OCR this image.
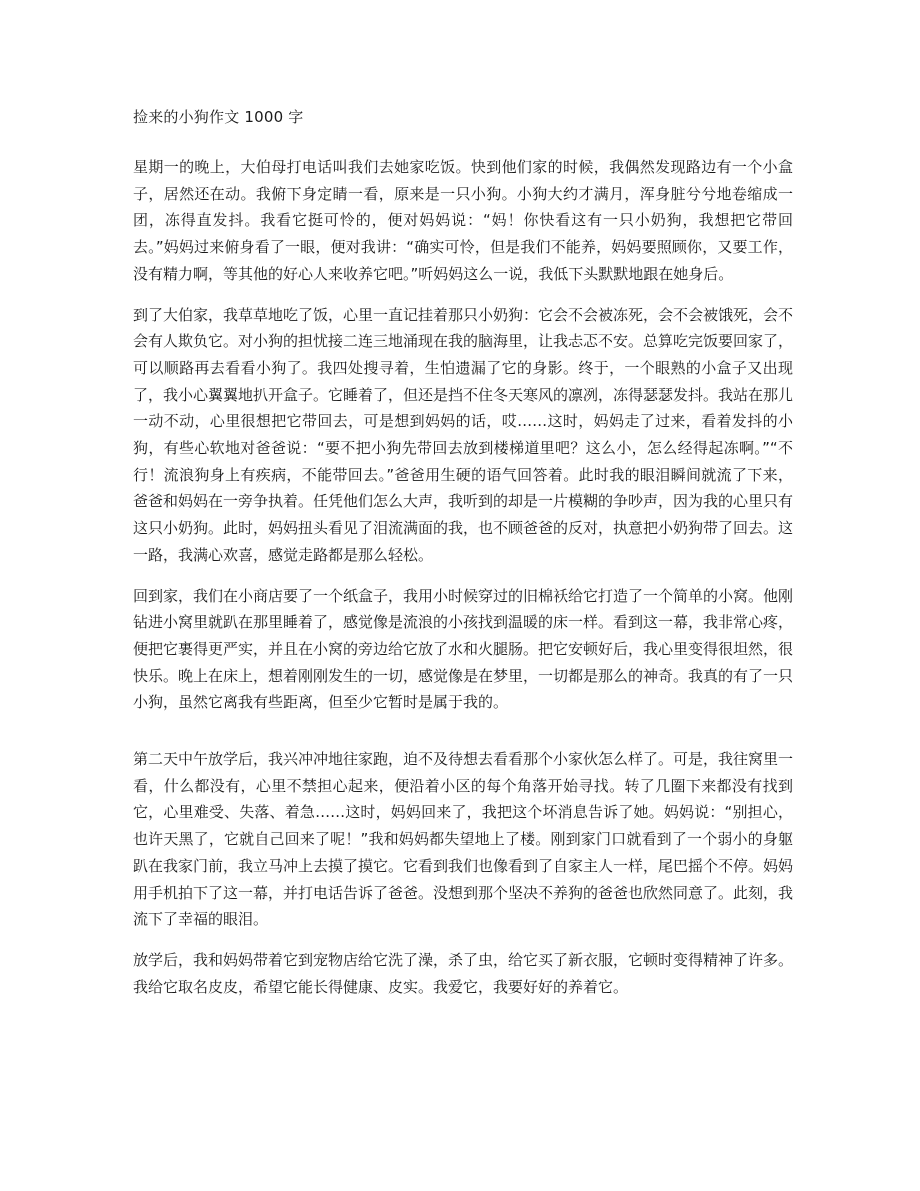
捡来的小狗作文 1000 字

星期一的晚上，大伯母打电话叫我们去她家吃饭。快到他们家的时候，我偶然发现路边有一个小盒子，居然还在动。我俯下身定睛一看，原来是一只小狗。小狗大约才满月，浑身脏兮兮地卷缩成一团，冻得直发抖。我看它挺可怜的，便对妈妈说：“妈！你快看这有一只小奶狗，我想把它带回去。”妈妈过来俯身看了一眼，便对我讲：“确实可怜，但是我们不能养，妈妈要照顾你，又要工作，没有精力啊，等其他的好心人来收养它吧。”听妈妈这么一说，我低下头默默地跟在她身后。

到了大伯家，我草草地吃了饭，心里一直记挂着那只小奶狗：它会不会被冻死，会不会被饿死，会不会有人欺负它。对小狗的担忧接二连三地涌现在我的脑海里，让我忐忑不安。总算吃完饭要回家了，可以顺路再去看看小狗了。我四处搜寻着，生怕遗漏了它的身影。终于，一个眼熟的小盒子又出现了，我小心翼翼地扒开盒子。它睡着了，但还是挡不住冬天寒风的凛冽，冻得瑟瑟发抖。我站在那儿一动不动，心里很想把它带回去，可是想到妈妈的话，哎……这时，妈妈走了过来，看着发抖的小狗，有些心软地对爸爸说：“要不把小狗先带回去放到楼梯道里吧？这么小，怎么经得起冻啊。”“不行！流浪狗身上有疾病，不能带回去。”爸爸用生硬的语气回答着。此时我的眼泪瞬间就流了下来，爸爸和妈妈在一旁争执着。任凭他们怎么大声，我听到的却是一片模糊的争吵声，因为我的心里只有这只小奶狗。此时，妈妈扭头看见了泪流满面的我，也不顾爸爸的反对，执意把小奶狗带了回去。这一路，我满心欢喜，感觉走路都是那么轻松。

回到家，我们在小商店要了一个纸盒子，我用小时候穿过的旧棉袄给它打造了一个简单的小窝。他刚钻进小窝里就趴在那里睡着了，感觉像是流浪的小孩找到温暖的床一样。看到这一幕，我非常心疼，便把它裹得更严实，并且在小窝的旁边给它放了水和火腿肠。把它安顿好后，我心里变得很坦然，很快乐。晚上在床上，想着刚刚发生的一切，感觉像是在梦里，一切都是那么的神奇。我真的有了一只小狗，虽然它离我有些距离，但至少它暂时是属于我的。

第二天中午放学后，我兴冲冲地往家跑，迫不及待想去看看那个小家伙怎么样了。可是，我往窝里一看，什么都没有，心里不禁担心起来，便沿着小区的每个角落开始寻找。转了几圈下来都没有找到它，心里难受、失落、着急……这时，妈妈回来了，我把这个坏消息告诉了她。妈妈说：“别担心，也许天黑了，它就自己回来了呢！”我和妈妈都失望地上了楼。刚到家门口就看到了一个弱小的身躯趴在我家门前，我立马冲上去摸了摸它。它看到我们也像看到了自家主人一样，尾巴摇个不停。妈妈用手机拍下了这一幕，并打电话告诉了爸爸。没想到那个坚决不养狗的爸爸也欣然同意了。此刻，我流下了幸福的眼泪。

放学后，我和妈妈带着它到宠物店给它洗了澡，杀了虫，给它买了新衣服，它顿时变得精神了许多。我给它取名皮皮，希望它能长得健康、皮实。我爱它，我要好好的养着它。
